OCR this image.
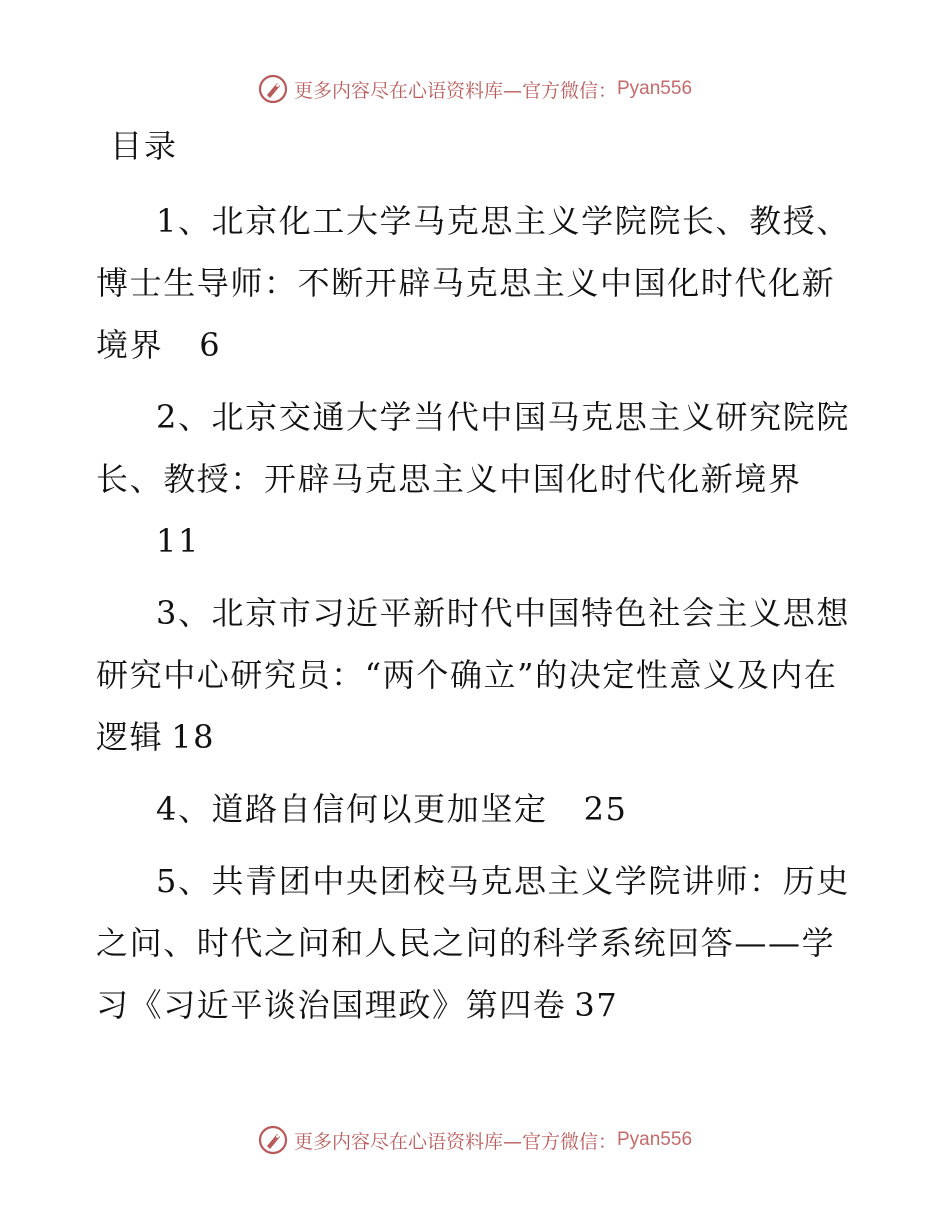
更多内容尽在心语资料库—官方微信： Pyan556
目录

1、北京化工大学马克思主义学院院长、教授、博士生导师：不断开辟马克思主义中国化时代化新境界 6

2、北京交通大学当代中国马克思主义研究院院长、教授：开辟马克思主义中国化时代化新境界
11

3、北京市习近平新时代中国特色社会主义思想研究中心研究员：“两个确立”的决定性意义及内在逻辑 18

4、道路自信何以更加坚定 25

5、共青团中央团校马克思主义学院讲师：历史之问、时代之问和人民之问的科学系统回答——学习《习近平谈治国理政》第四卷 37

更多内容尽在心语资料库—官方微信： Pyan556
